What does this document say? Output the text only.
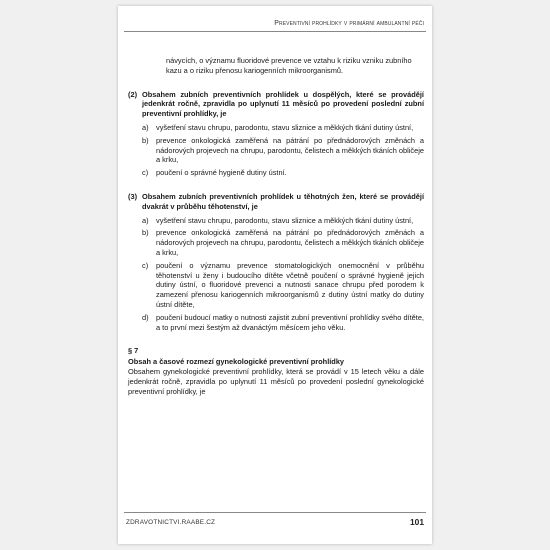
Preventivní prohlídky v primární ambulantní péči
návycích, o významu fluoridové prevence ve vztahu k riziku vzniku zubního kazu a o riziku přenosu kariogenních mikroorganismů.
(2) Obsahem zubních preventivních prohlídek u dospělých, které se provádějí jedenkrát ročně, zpravidla po uplynutí 11 měsíců po provedení poslední zubní preventivní prohlídky, je
a)	vyšetření stavu chrupu, parodontu, stavu sliznice a měkkých tkání dutiny ústní,
b)	prevence onkologická zaměřená na pátrání po přednádorových změnách a nádorových projevech na chrupu, parodontu, čelistech a měkkých tkáních obličeje a krku,
c)	poučení o správné hygieně dutiny ústní.
(3) Obsahem zubních preventivních prohlídek u těhotných žen, které se provádějí dvakrát v průběhu těhotenství, je
a)	vyšetření stavu chrupu, parodontu, stavu sliznice a měkkých tkání dutiny ústní,
b)	prevence onkologická zaměřená na pátrání po přednádorových změnách a nádorových projevech na chrupu, parodontu, čelistech a měkkých tkáních obličeje a krku,
c)	poučení o významu prevence stomatologických onemocnění v průběhu těhotenství u ženy i budoucího dítěte včetně poučení o správné hygieně jejich dutiny ústní, o fluoridové prevenci a nutnosti sanace chrupu před porodem k zamezení přenosu kariogenních mikroorganismů z dutiny ústní matky do dutiny ústní dítěte,
d)	poučení budoucí matky o nutnosti zajistit zubní preventivní prohlídky svého dítěte, a to první mezi šestým až dvanáctým měsícem jeho věku.
§ 7
Obsah a časové rozmezí gynekologické preventivní prohlídky
Obsahem gynekologické preventivní prohlídky, která se provádí v 15 letech věku a dále jedenkrát ročně, zpravidla po uplynutí 11 měsíců po provedení poslední gynekologické preventivní prohlídky, je
ZDRAVOTNICTVI.RAABE.CZ	101
